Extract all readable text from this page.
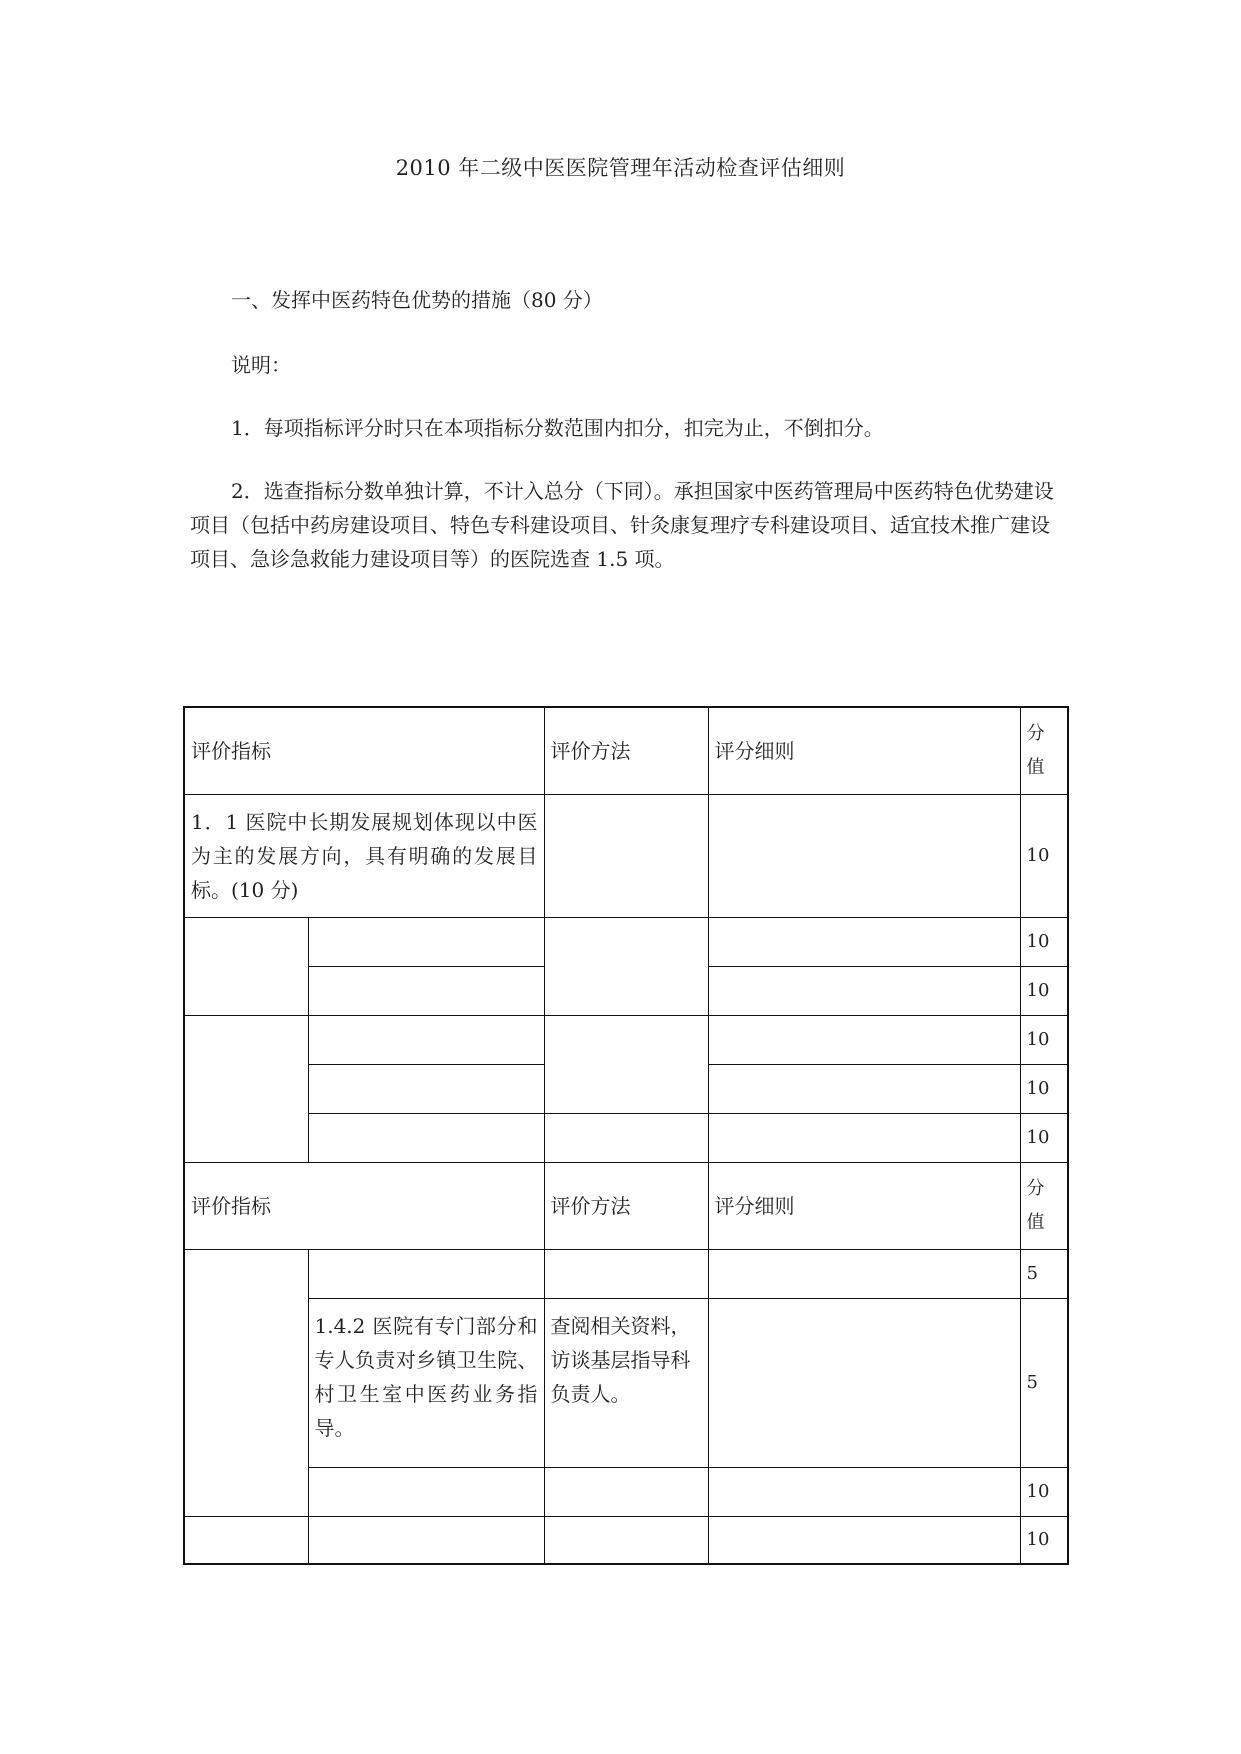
2010 年二级中医医院管理年活动检查评估细则

一、发挥中医药特色优势的措施（80 分）

说明：

1．每项指标评分时只在本项指标分数范围内扣分，扣完为止，不倒扣分。

2．选查指标分数单独计算，不计入总分（下同）。承担国家中医药管理局中医药特色优势建设项目（包括中药房建设项目、特色专科建设项目、针灸康复理疗专科建设项目、适宜技术推广建设项目、急诊急救能力建设项目等）的医院选查 1.5 项。

评价指标		评价方法	评分细则	分值
1．1 医院中长期发展规划体现以中医为主的发展方向，具有明确的发展目标。(10 分)				10
				10
				10
				10
				10
				10
评价指标		评价方法	评分细则	分值
				5
	1.4.2 医院有专门部分和专人负责对乡镇卫生院、村卫生室中医药业务指导。	查阅相关资料，访谈基层指导科负责人。		5
				10
				10
